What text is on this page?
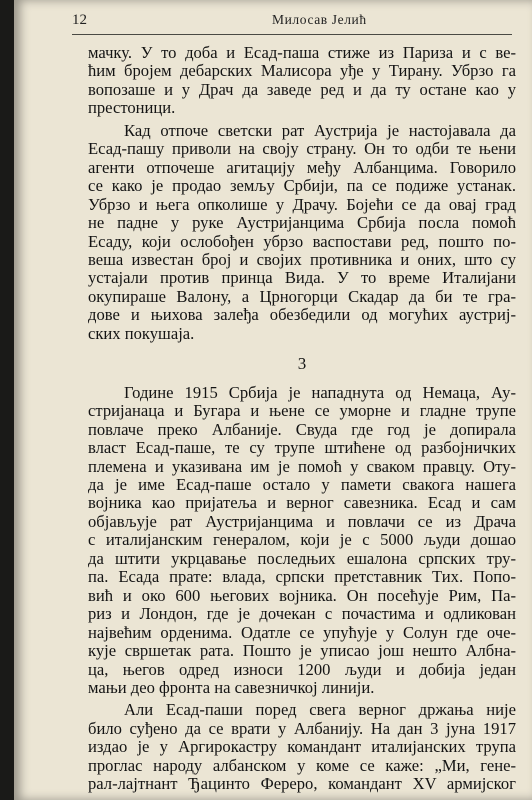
12	Милосав Јелић
мачку. У то доба и Есад-паша стиже из Париза и с ве-
ћим бројем дебарских Малисора уђе у Тирану. Убрзо га
вопозаше и у Драч да заведе ред и да ту остане као у
престоници.
Кад отпоче светски рат Аустрија је настојавала да
Есад-пашу приволи на своју страну. Он то одби те њени
агенти отпочеше агитацију међу Албанцима. Говорило
се како је продао земљу Србији, па се подиже устанак.
Убрзо и њега опколише у Драчу. Бојећи се да овај град
не падне у руке Аустријанцима Србија посла помоћ
Есаду, који ослобођен убрзо васпостави ред, пошто по-
веша известан број и својих противника и оних, што су
устајали против принца Вида. У то време Италијани
окупираше Валону, а Црногорци Скадар да би те гра-
дове и њихова залеђа обезбедили од могућих аустриј-
ских покушаја.
3
Године 1915 Србија је нападнута од Немаца, Ау-
стријанаца и Бугара и њене се уморне и гладне трупе
повлаче преко Албаније. Свуда где год је допирала
власт Есад-паше, те су трупе штићене од разбојничких
племена и указивана им је помоћ у сваком правцу. Оту-
да је име Есад-паше остало у памети свакога нашега
војника као пријатеља и верног савезника. Есад и сам
објављује рат Аустријанцима и повлачи се из Драча
с италијанским генералом, који је с 5000 људи дошао
да штити укрцавање последњих ешалона српских тру-
па. Есада прате: влада, српски претставник Тих. Попо-
вић и око 600 његових војника. Он посећује Рим, Па-
риз и Лондон, где је дочекан с почастима и одликован
највећим орденима. Одатле се упућује у Солун где оче-
кује свршетак рата. Пошто је уписао још нешто Албна-
ца, његов одред износи 1200 људи и добија један
мањи део фронта на савезничкој линији.
Али Есад-паши поред свега верног држања није
било суђено да се врати у Албанију. На дан 3 јуна 1917
издао је у Аргирокастру командант италијанских трупа
проглас народу албанском у коме се каже: „Ми, гене-
рал-лајтнант Ђацинто Фереро, командант XV армијског
